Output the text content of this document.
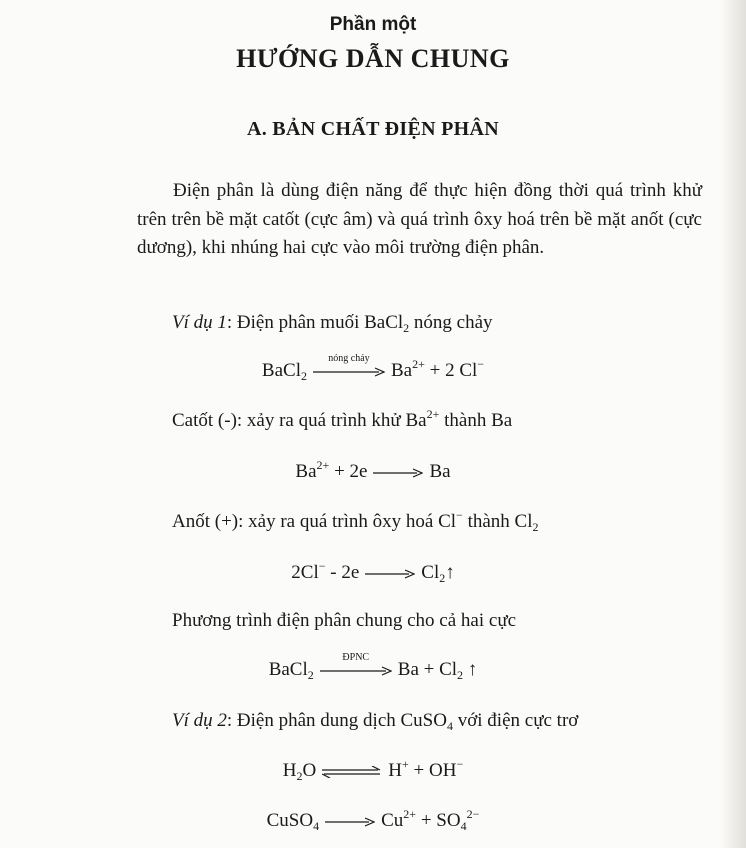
Phần một
HƯỚNG DẪN CHUNG
A. BẢN CHẤT ĐIỆN PHÂN
Điện phân là dùng điện năng để thực hiện đồng thời quá trình khử trên trên bề mặt catốt (cực âm) và quá trình ôxy hoá trên bề mặt anốt (cực dương), khi nhúng hai cực vào môi trường điện phân.
Ví dụ 1: Điện phân muối BaCl$_2$ nóng chảy
BaCl$_2$
nóng chảy
$Ba^{2+} + 2$ Cl−
Catốt (-): xảy ra quá trình khử $Ba^{2+}$ thành Ba
$Ba^{2+} + 2e \to Ba$
Anốt (+): xảy ra quá trình ôxy hoá Cl− thành $Cl_2$
$2Cl^- - 2e \to Cl_2↑$
Phương trình điện phân chung cho cả hai cực
BaCl$_2$
ĐPNC
$Ba + Cl_2$ ↑
Ví dụ 2: Điện phân dung dịch CuSO$_4$ với điện cực trơ
$H_2O$ ⇌ H+ + OH−
CuSO$_4$ → $Cu^{2+} + SO_4^{2-}$
